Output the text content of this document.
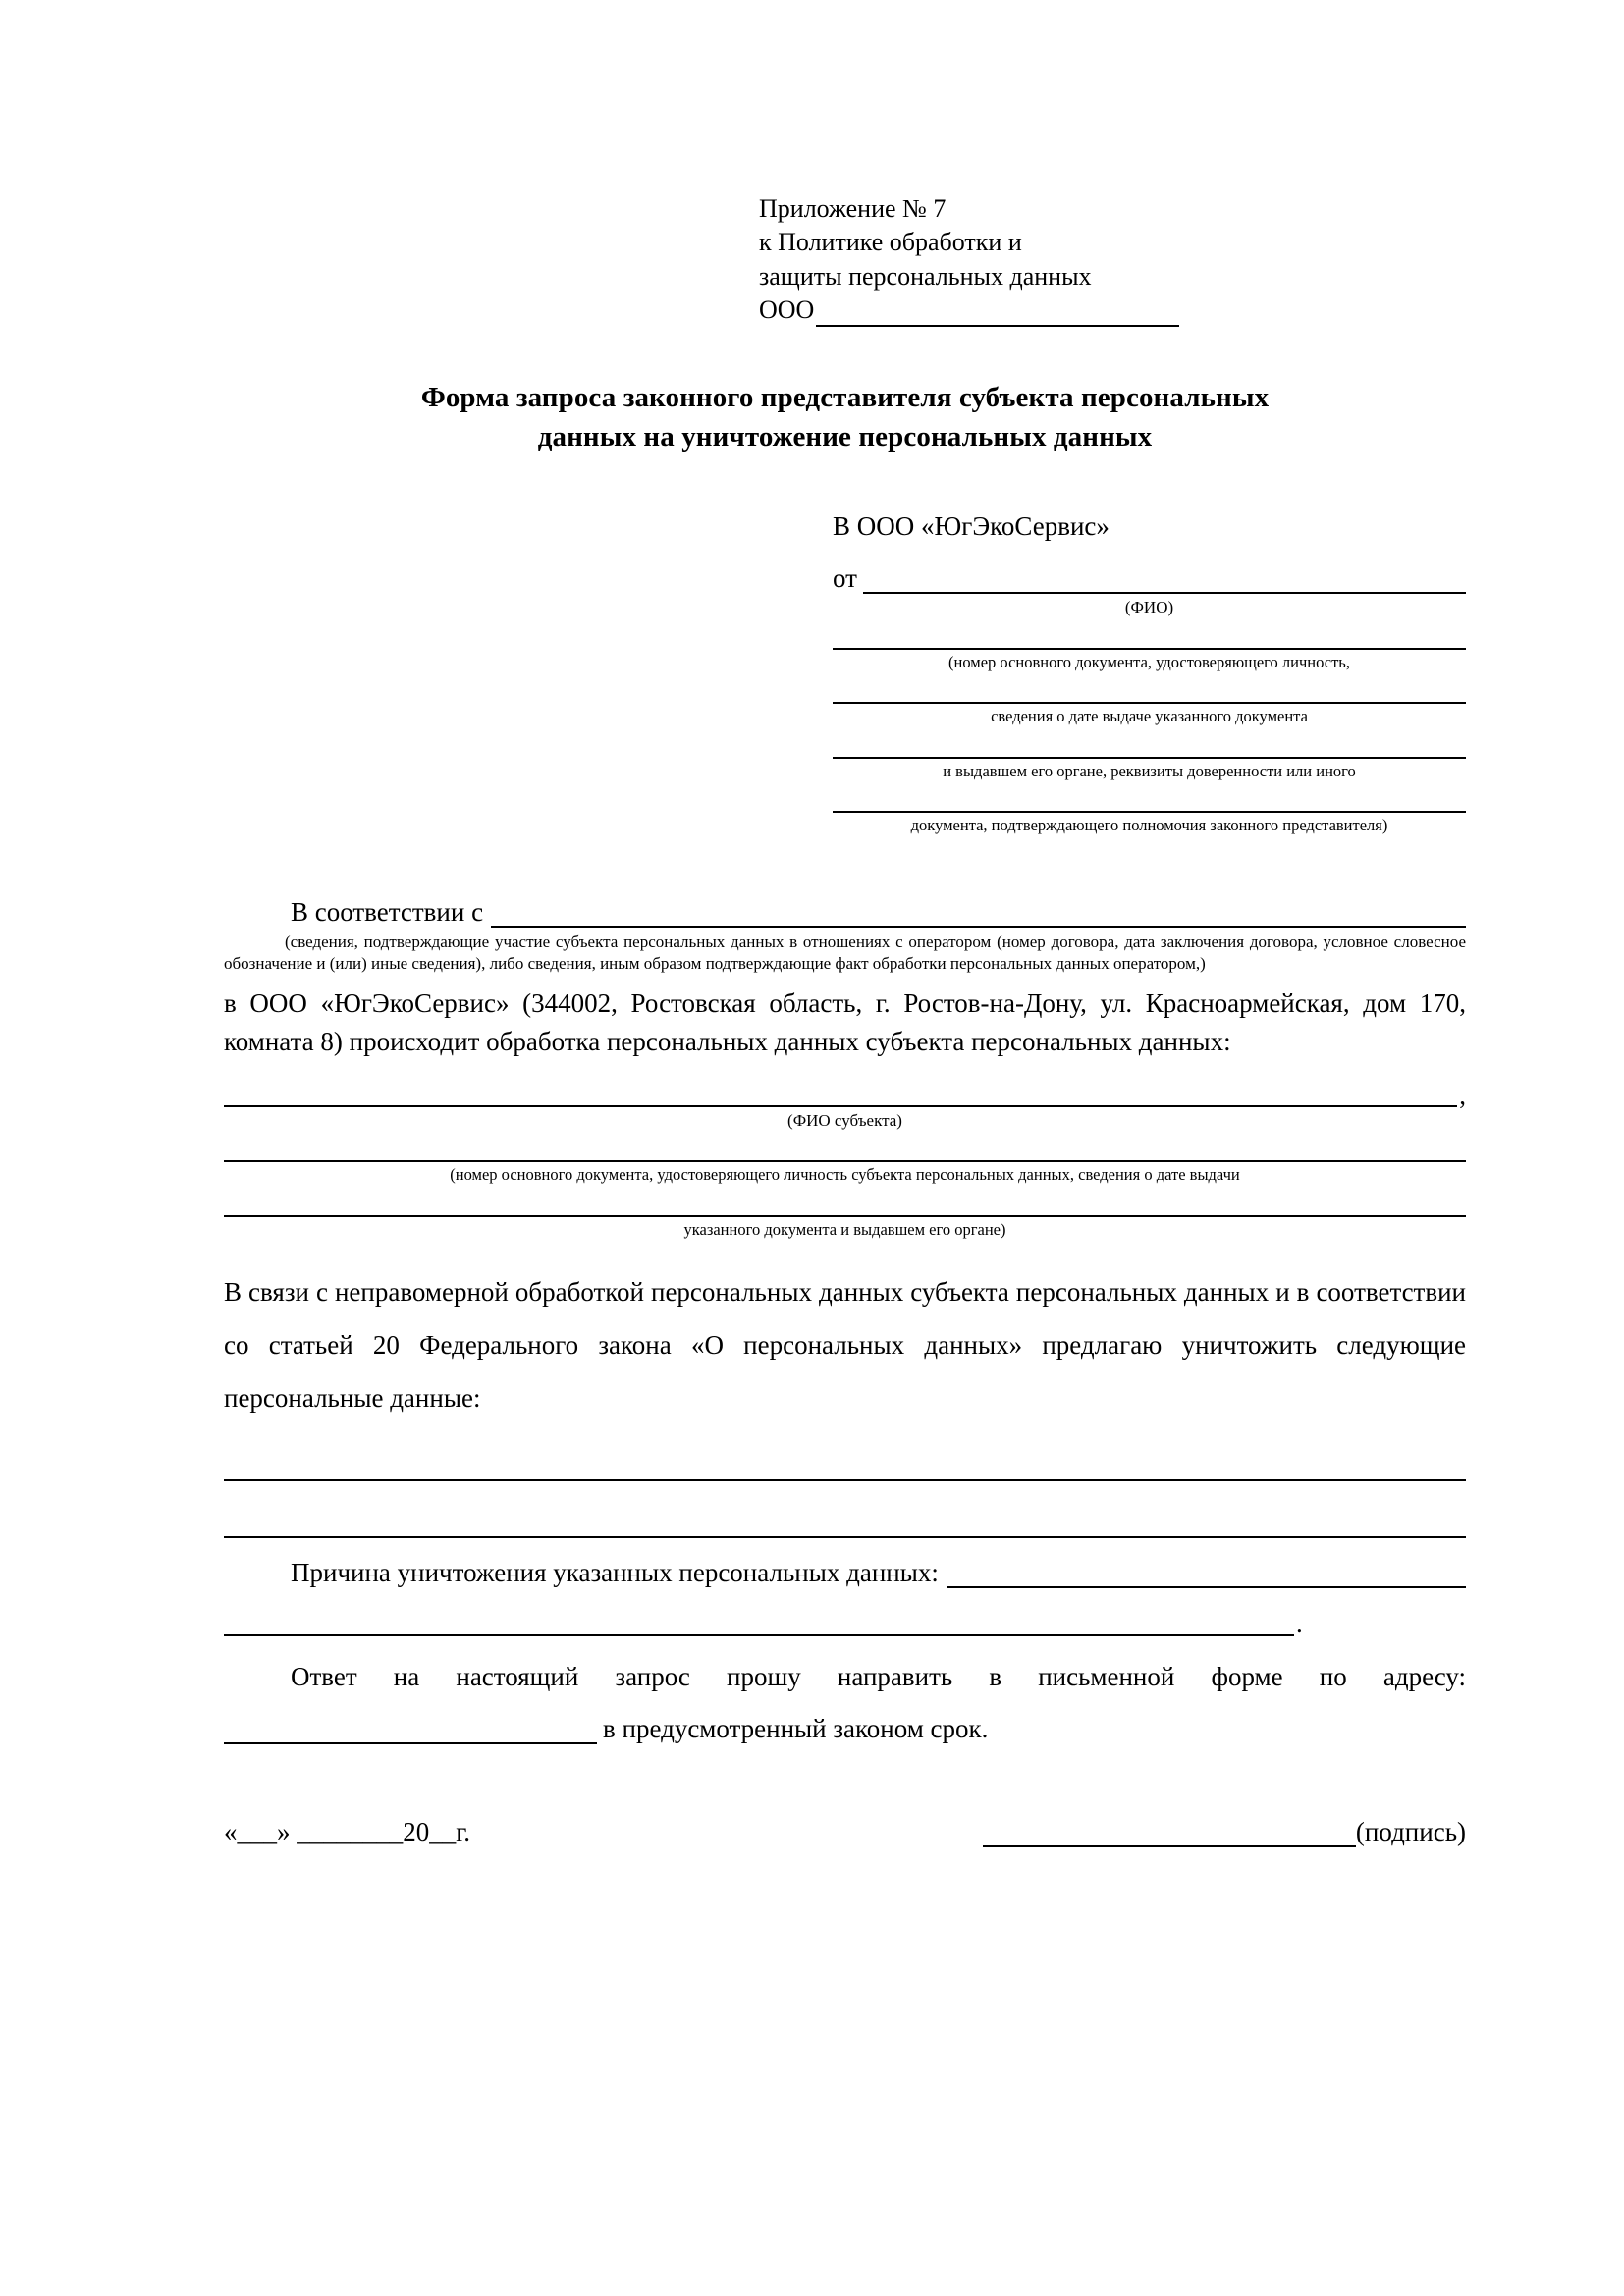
Приложение № 7
к Политике обработки и
защиты персональных данных
ООО
Форма запроса законного представителя субъекта персональных
данных на уничтожение персональных данных
В ООО «ЮгЭкоСервис»
от
(ФИО)
(номер основного документа, удостоверяющего личность,
сведения о дате выдаче указанного документа
и выдавшем его органе, реквизиты доверенности или иного
документа, подтверждающего полномочия законного представителя)
В соответствии с
(сведения, подтверждающие участие субъекта персональных данных в отношениях с оператором (номер договора, дата заключения договора, условное словесное обозначение и (или) иные сведения), либо сведения, иным образом подтверждающие факт обработки персональных данных оператором,)
в ООО «ЮгЭкоСервис» (344002, Ростовская область, г. Ростов-на-Дону, ул. Красноармейская, дом 170, комната 8) происходит обработка персональных данных субъекта персональных данных:
,
(ФИО субъекта)
(номер основного документа, удостоверяющего личность субъекта персональных данных, сведения о дате выдачи
указанного документа и выдавшем его органе)
В связи с неправомерной обработкой персональных данных субъекта персональных данных и в соответствии со статьей 20 Федерального закона «О персональных данных» предлагаю уничтожить следующие персональные данные:
Причина уничтожения указанных персональных данных:
.
Ответ на настоящий запрос прошу направить в письменной форме по адресу:
в предусмотренный законом срок.
«___» ________20__г.	(подпись)
